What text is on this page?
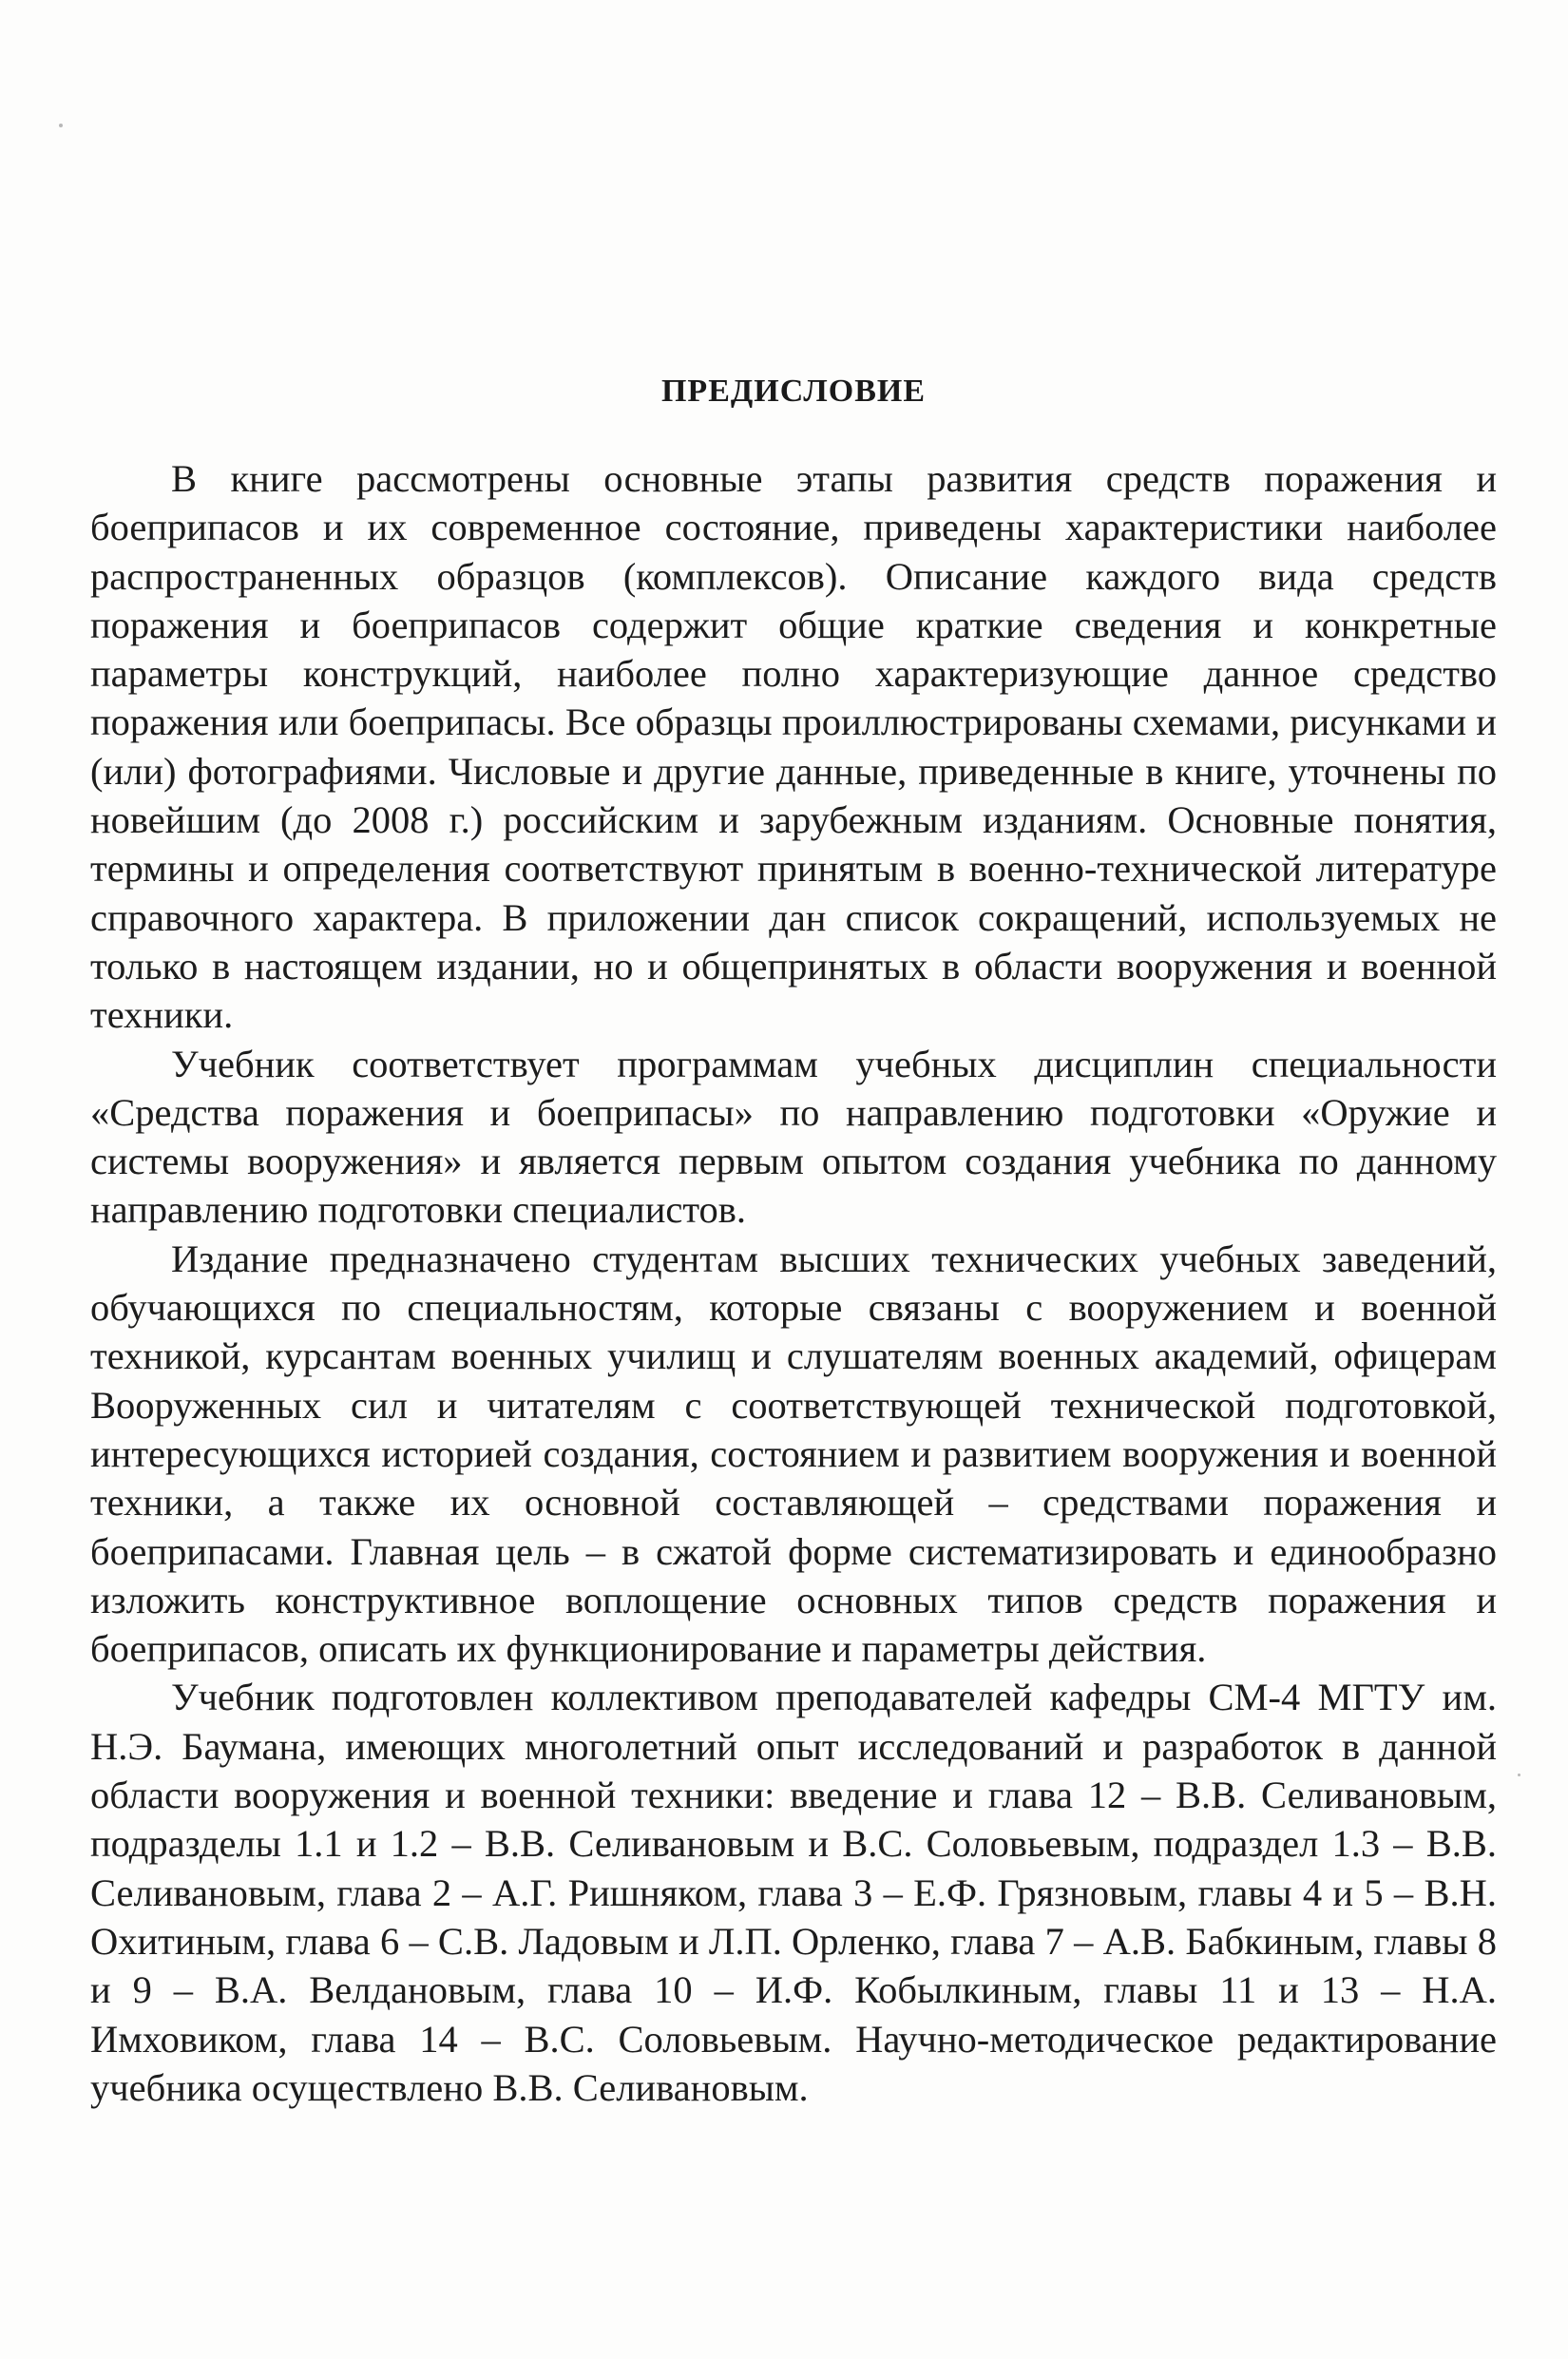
ПРЕДИСЛОВИЕ

В книге рассмотрены основные этапы развития средств поражения и боеприпасов и их современное состояние, приведены характеристики наиболее распространенных образцов (комплексов). Описание каждого вида средств поражения и боеприпасов содержит общие краткие сведения и конкретные параметры конструкций, наиболее полно характеризующие данное средство поражения или боеприпасы. Все образцы проиллюстрированы схемами, рисунками и (или) фотографиями. Числовые и другие данные, приведенные в книге, уточнены по новейшим (до 2008 г.) российским и зарубежным изданиям. Основные понятия, термины и определения соответствуют принятым в военно-технической литературе справочного характера. В приложении дан список сокращений, используемых не только в настоящем издании, но и общепринятых в области вооружения и военной техники.

Учебник соответствует программам учебных дисциплин специальности «Средства поражения и боеприпасы» по направлению подготовки «Оружие и системы вооружения» и является первым опытом создания учебника по данному направлению подготовки специалистов.

Издание предназначено студентам высших технических учебных заведений, обучающихся по специальностям, которые связаны с вооружением и военной техникой, курсантам военных училищ и слушателям военных академий, офицерам Вооруженных сил и читателям с соответствующей технической подготовкой, интересующихся историей создания, состоянием и развитием вооружения и военной техники, а также их основной составляющей – средствами поражения и боеприпасами. Главная цель – в сжатой форме систематизировать и единообразно изложить конструктивное воплощение основных типов средств поражения и боеприпасов, описать их функционирование и параметры действия.

Учебник подготовлен коллективом преподавателей кафедры СМ-4 МГТУ им. Н.Э. Баумана, имеющих многолетний опыт исследований и разработок в данной области вооружения и военной техники: введение и глава 12 – В.В. Селивановым, подразделы 1.1 и 1.2 – В.В. Селивановым и В.С. Соловьевым, подраздел 1.3 – В.В. Селивановым, глава 2 – А.Г. Ришняком, глава 3 – Е.Ф. Грязновым, главы 4 и 5 – В.Н. Охитиным, глава 6 – С.В. Ладовым и Л.П. Орленко, глава 7 – А.В. Бабкиным, главы 8 и 9 – В.А. Велдановым, глава 10 – И.Ф. Кобылкиным, главы 11 и 13 – Н.А. Имховиком, глава 14 – В.С. Соловьевым. Научно-методическое редактирование учебника осуществлено В.В. Селивановым.
